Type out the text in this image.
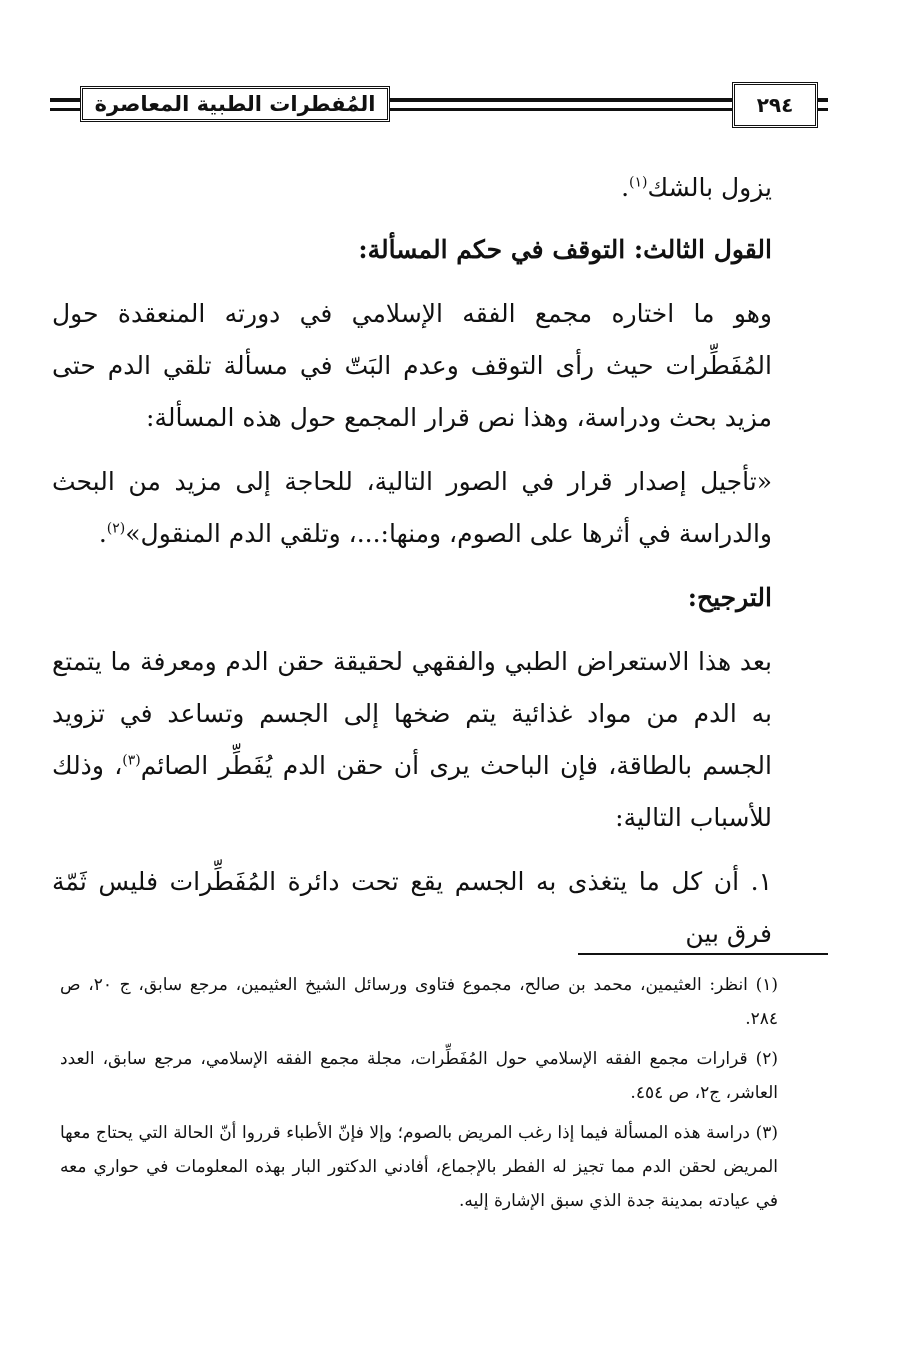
المُفطرات الطبية المعاصرة	٢٩٤

يزول بالشك$^{(١)}$.

القول الثالث: التوقف في حكم المسألة:

وهو ما اختاره مجمع الفقه الإسلامي في دورته المنعقدة حول المُفَطِّرات حيث رأى التوقف وعدم البَتّ في مسألة تلقي الدم حتى مزيد بحث ودراسة، وهذا نص قرار المجمع حول هذه المسألة:

«تأجيل إصدار قرار في الصور التالية، للحاجة إلى مزيد من البحث والدراسة في أثرها على الصوم، ومنها:...، وتلقي الدم المنقول»$^{(٢)}$.

الترجيح:

بعد هذا الاستعراض الطبي والفقهي لحقيقة حقن الدم ومعرفة ما يتمتع به الدم من مواد غذائية يتم ضخها إلى الجسم وتساعد في تزويد الجسم بالطاقة، فإن الباحث يرى أن حقن الدم يُفَطِّر الصائم$^{(٣)}$، وذلك للأسباب التالية:

١. أن كل ما يتغذى به الجسم يقع تحت دائرة المُفَطِّرات فليس ثَمّة فرق بين

(١) انظر: العثيمين، محمد بن صالح، مجموع فتاوى ورسائل الشيخ العثيمين، مرجع سابق، ج ٢٠، ص ٢٨٤.

(٢) قرارات مجمع الفقه الإسلامي حول المُفَطِّرات، مجلة مجمع الفقه الإسلامي، مرجع سابق، العدد العاشر، ج٢، ص ٤٥٤.

(٣) دراسة هذه المسألة فيما إذا رغب المريض بالصوم؛ وإلا فإنّ الأطباء قرروا أنّ الحالة التي يحتاج معها المريض لحقن الدم مما تجيز له الفطر بالإجماع، أفادني الدكتور البار بهذه المعلومات في حواري معه في عيادته بمدينة جدة الذي سبق الإشارة إليه.
